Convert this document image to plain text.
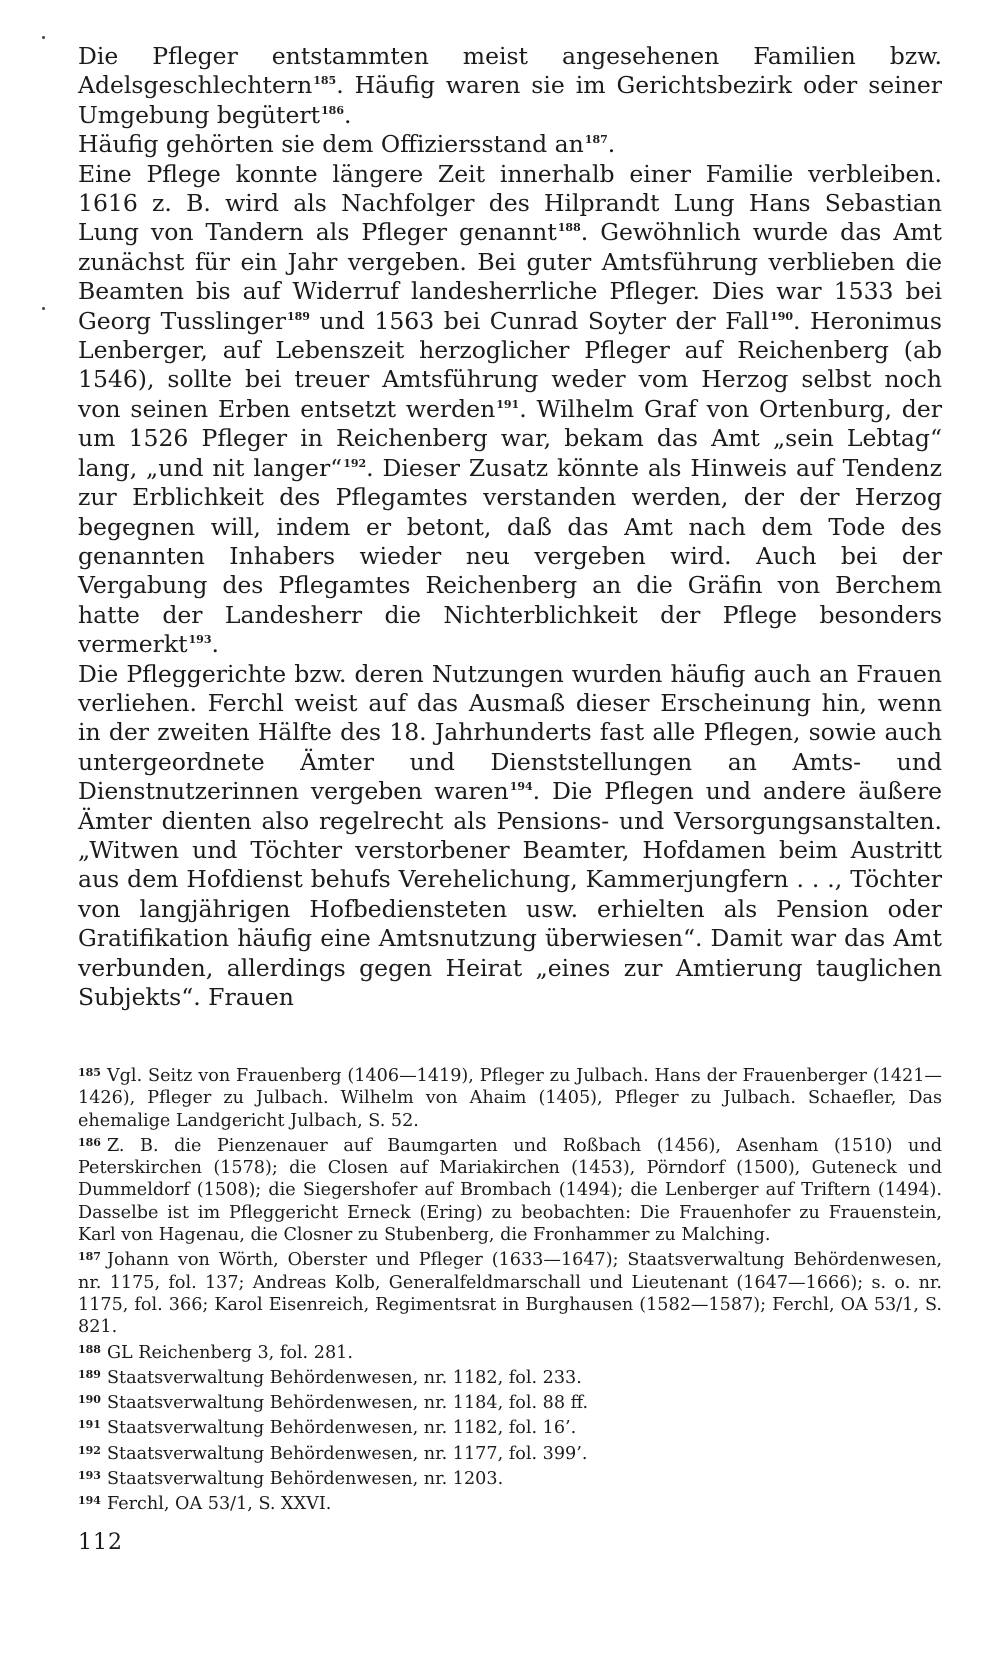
Die Pfleger entstammten meist angesehenen Familien bzw. Adelsgeschlechtern$^{185}$. Häufig waren sie im Gerichtsbezirk oder seiner Umgebung begütert$^{186}$.

Häufig gehörten sie dem Offiziersstand $an^{187}$.

Eine Pflege konnte längere Zeit innerhalb einer Familie verbleiben. 1616 z. B. wird als Nachfolger des Hilprandt Lung Hans Sebastian Lung von Tandern als Pfleger genannt$^{188}$. Gewöhnlich wurde das Amt zunächst für ein Jahr vergeben. Bei guter Amtsführung verblieben die Beamten bis auf Widerruf landesherrliche Pfleger. Dies war 1533 bei Georg Tusslinger$^{189}$ und 1563 bei Cunrad Soyter der Fall$^{190}$. Heronimus Lenberger, auf Lebenszeit herzoglicher Pfleger auf Reichenberg (ab 1546), sollte bei treuer Amtsführung weder vom Herzog selbst noch von seinen Erben entsetzt werden$^{191}$. Wilhelm Graf von Ortenburg, der um 1526 Pfleger in Reichenberg war, bekam das Amt „sein Lebtag“ lang, „und nit langer“$^{192}$. Dieser Zusatz könnte als Hinweis auf Tendenz zur Erblichkeit des Pflegamtes verstanden werden, der der Herzog begegnen will, indem er betont, daß das Amt nach dem Tode des genannten Inhabers wieder neu vergeben wird. Auch bei der Vergabung des Pflegamtes Reichenberg an die Gräfin von Berchem hatte der Landesherr die Nichterblichkeit der Pflege besonders vermerkt$^{193}$.

Die Pfleggerichte bzw. deren Nutzungen wurden häufig auch an Frauen verliehen. Ferchl weist auf das Ausmaß dieser Erscheinung hin, wenn in der zweiten Hälfte des 18. Jahrhunderts fast alle Pflegen, sowie auch untergeordnete Ämter und Dienststellungen an Amts- und Dienstnutzerinnen vergeben waren$^{194}$. Die Pflegen und andere äußere Ämter dienten also regelrecht als Pensions- und Versorgungsanstalten. „Witwen und Töchter verstorbener Beamter, Hofdamen beim Austritt aus dem Hofdienst behufs Verehelichung, Kammerjungfern . . ., Töchter von langjährigen Hofbediensteten usw. erhielten als Pension oder Gratifikation häufig eine Amtsnutzung überwiesen“. Damit war das Amt verbunden, allerdings gegen Heirat „eines zur Amtierung tauglichen Subjekts“. Frauen

$^{185}$ Vgl. Seitz von Frauenberg (1406—1419), Pfleger zu Julbach. Hans der Frauenberger (1421—1426), Pfleger zu Julbach. Wilhelm von Ahaim (1405), Pfleger zu Julbach. Schaefler, Das ehemalige Landgericht Julbach, S. 52.

$^{186}$ Z. B. die Pienzenauer auf Baumgarten und Roßbach (1456), Asenham (1510) und Peterskirchen (1578); die Closen auf Mariakirchen (1453), Pörndorf (1500), Guteneck und Dummeldorf (1508); die Siegershofer auf Brombach (1494); die Lenberger auf Triftern (1494). Dasselbe ist im Pfleggericht Erneck (Ering) zu beobachten: Die Frauenhofer zu Frauenstein, Karl von Hagenau, die Closner zu Stubenberg, die Fronhammer zu Malching.

$^{187}$ Johann von Wörth, Oberster und Pfleger (1633—1647); Staatsverwaltung Behördenwesen, nr. 1175, fol. 137; Andreas Kolb, Generalfeldmarschall und Lieutenant (1647—1666); s. o. nr. 1175, fol. 366; Karol Eisenreich, Regimentsrat in Burghausen (1582—1587); Ferchl, OA 53/1, S. 821.

$^{188}$ GL Reichenberg 3, fol. 281.

$^{189}$ Staatsverwaltung Behördenwesen, nr. 1182, fol. 233.

$^{190}$ Staatsverwaltung Behördenwesen, nr. 1184, fol. 88 ff.

$^{191}$ Staatsverwaltung Behördenwesen, nr. 1182, fol. 16’.

$^{192}$ Staatsverwaltung Behördenwesen, nr. 1177, fol. 399’.

$^{193}$ Staatsverwaltung Behördenwesen, nr. 1203.

$^{194}$ Ferchl, OA 53/1, S. XXVI.

112
